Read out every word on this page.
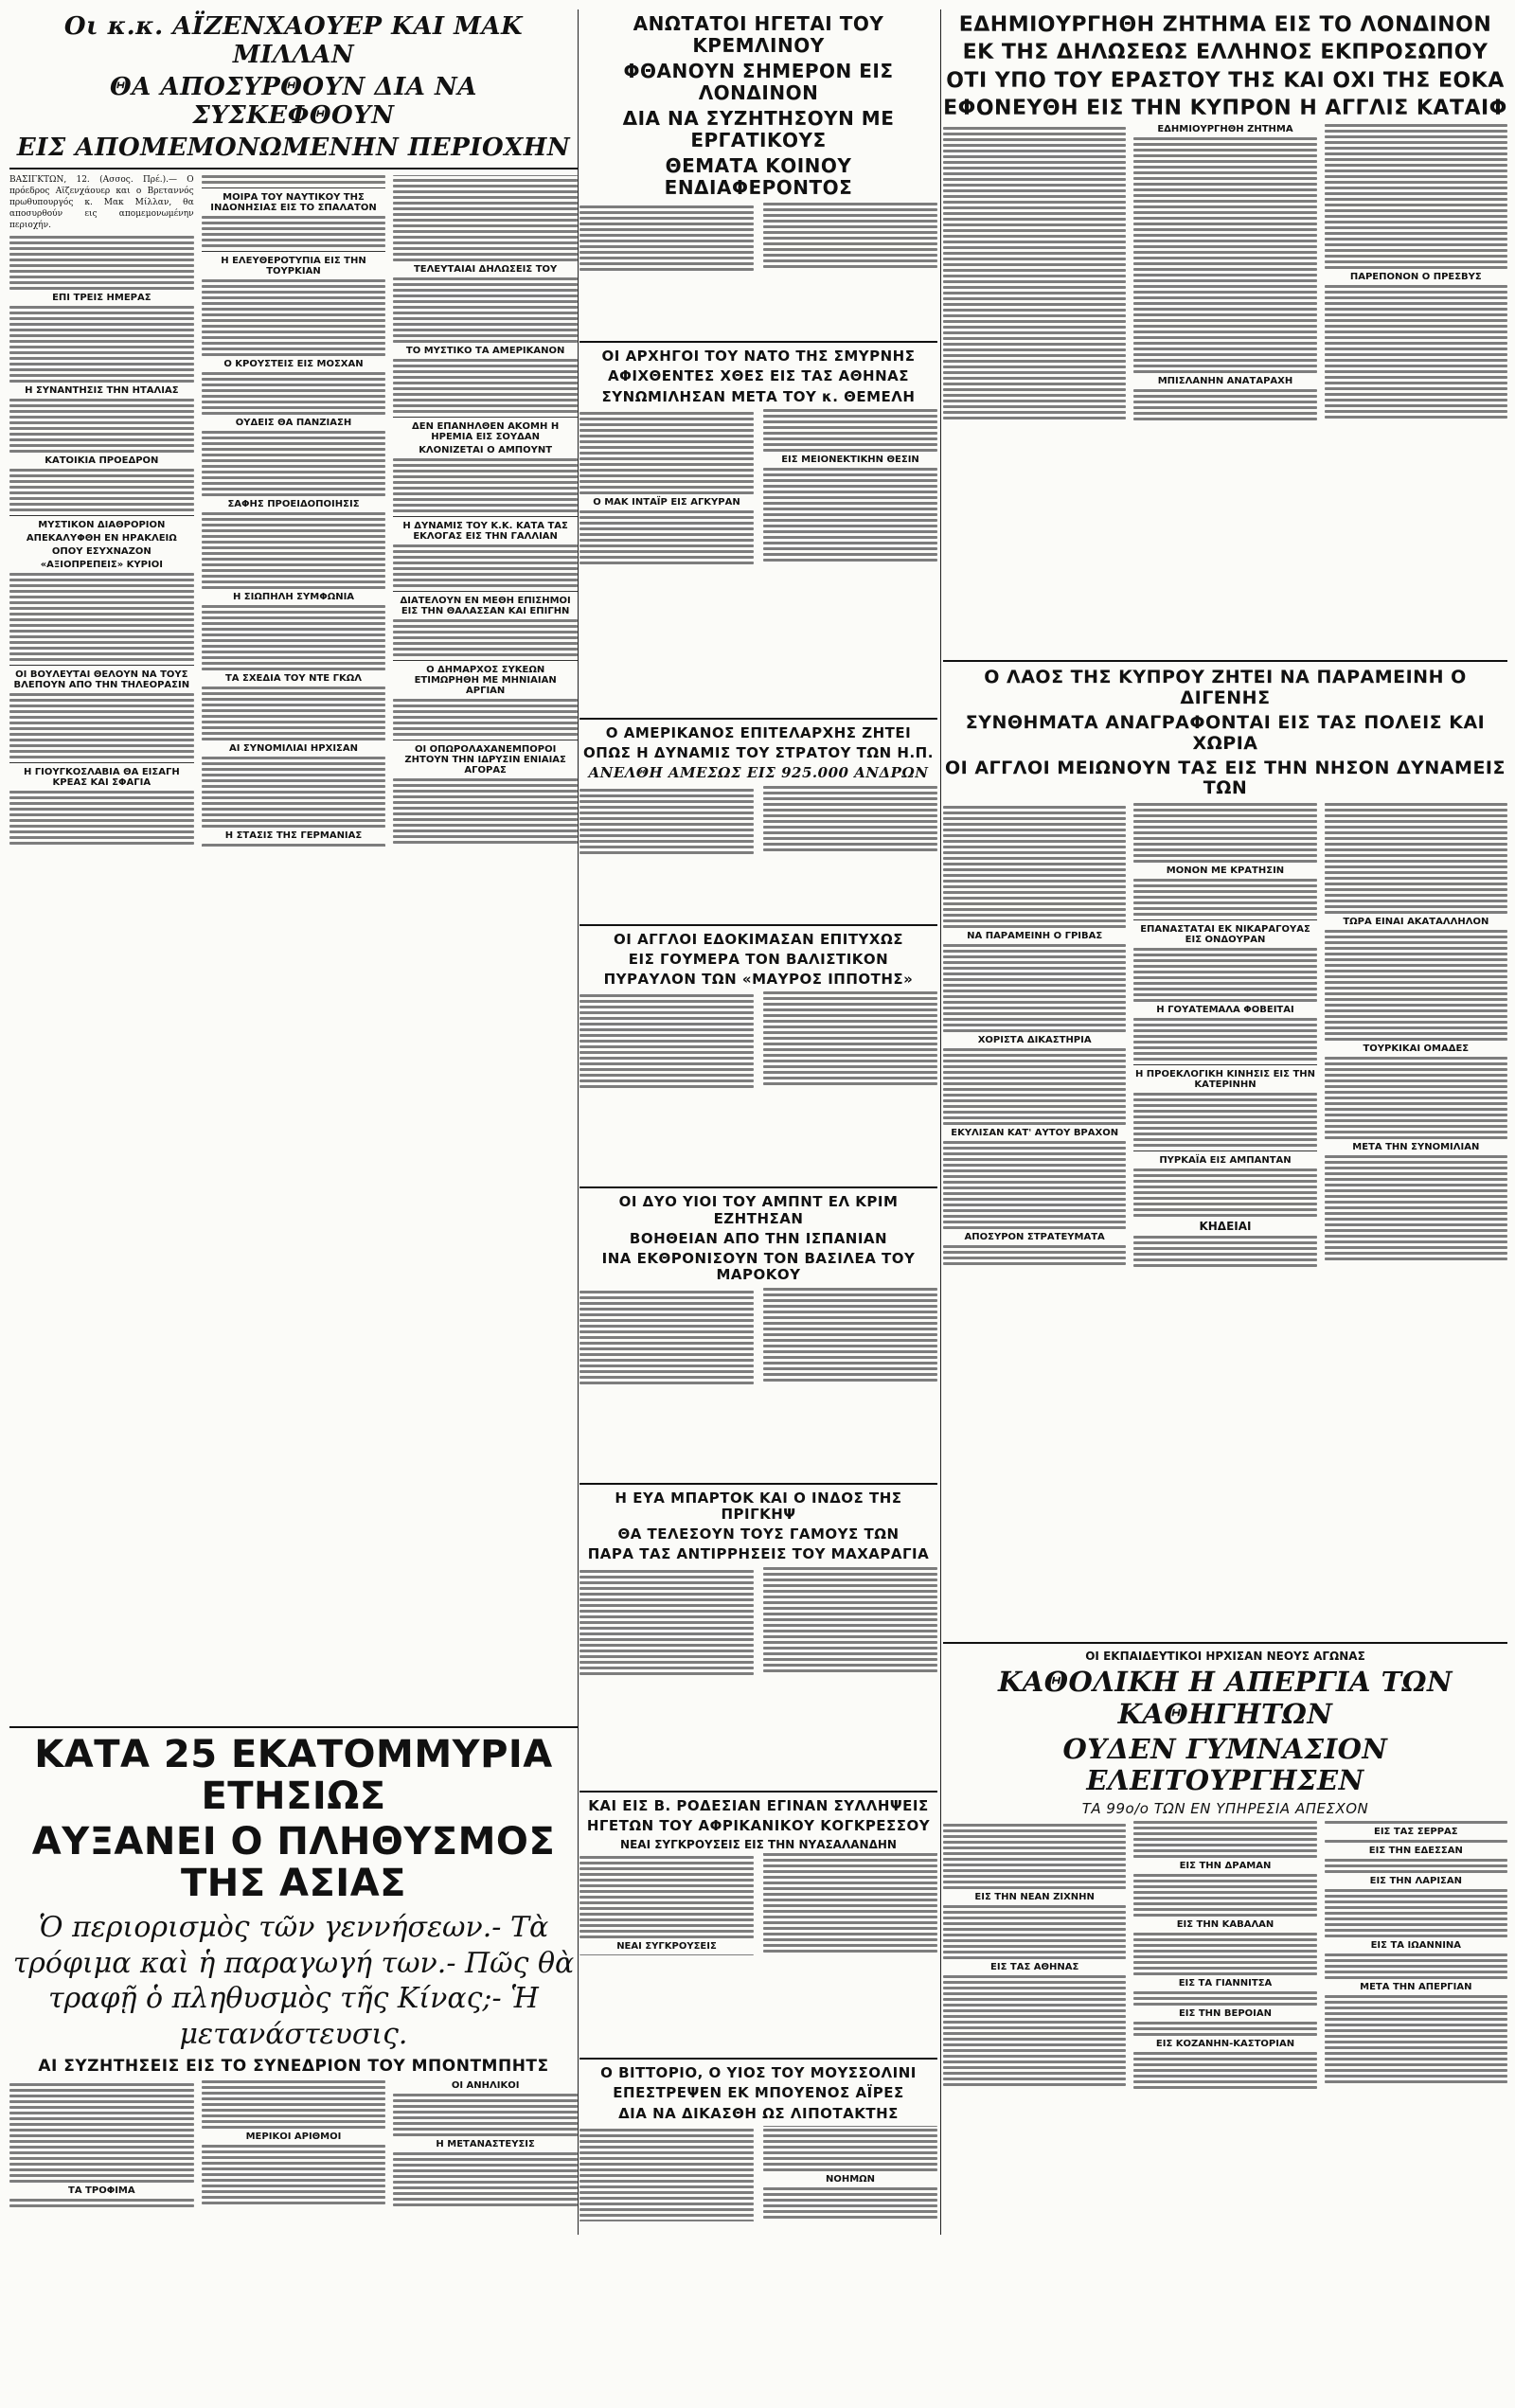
Οι κ.κ. ΑΪΖΕΝΧΑΟΥΕΡ ΚΑΙ ΜΑΚ ΜΙΛΛΑΝ
ΘΑ ΑΠΟΣΥΡΘΟΥΝ ΔΙΑ ΝΑ ΣΥΣΚΕΦΘΟΥΝ
ΕΙΣ ΑΠΟΜΕΜΟΝΩΜΕΝΗΝ ΠΕΡΙΟΧΗΝ

ΒΑΣΙΓΚΤΩΝ, 12. (Ασσος. Πρέ.).— Ο πρόεδρος Αϊζενχάουερ και ο Βρεταννός πρωθυπουργός κ. Μακ Μίλλαν, θα αποσυρθούν εις απομεμονωμένην περιοχήν.

ΕΠΙ ΤΡΕΙΣ ΗΜΕΡΑΣ
Η ΣΥΝΑΝΤΗΣΙΣ ΤΗΝ ΗΤΑΛΙΑΣ
ΚΑΤΟΙΚΙΑ ΠΡΟΕΔΡΟΝ
ΜΥΣΤΙΚΟΝ ΔΙΑΘΡΟΡΙΟΝ
ΑΠΕΚΑΛΥΦΘΗ ΕΝ ΗΡΑΚΛΕΙΩ
ΟΠΟΥ ΕΣΥΧΝΑΖΟΝ
«ΑΞΙΟΠΡΕΠΕΙΣ» ΚΥΡΙΟΙ
ΟΙ ΒΟΥΛΕΥΤΑΙ ΘΕΛΟΥΝ ΝΑ ΤΟΥΣ ΒΛΕΠΟΥΝ ΑΠΟ ΤΗΝ ΤΗΛΕΟΡΑΣΙΝ
Η ΓΙΟΥΓΚΟΣΛΑΒΙΑ ΘΑ ΕΙΣΑΓΗ ΚΡΕΑΣ ΚΑΙ ΣΦΑΓΙΑ
ΜΟΙΡΑ ΤΟΥ ΝΑΥΤΙΚΟΥ ΤΗΣ ΙΝΔΟΝΗΣΙΑΣ ΕΙΣ ΤΟ ΣΠΑΛΑΤΟΝ
Η ΕΛΕΥΘΕΡΟΤΥΠΙΑ ΕΙΣ ΤΗΝ ΤΟΥΡΚΙΑΝ
Ο ΚΡΟΥΣΤΕΙΣ ΕΙΣ ΜΟΣΧΑΝ
ΟΥΔΕΙΣ ΘΑ ΠΑΝΖΙΑΣΗ
ΣΑΦΗΣ ΠΡΟΕΙΔΟΠΟΙΗΣΙΣ
Η ΣΙΩΠΗΛΗ ΣΥΜΦΩΝΙΑ
ΤΑ ΣΧΕΔΙΑ ΤΟΥ ΝΤΕ ΓΚΩΛ
ΑΙ ΣΥΝΟΜΙΛΙΑΙ ΗΡΧΙΣΑΝ
Η ΣΤΑΣΙΣ ΤΗΣ ΓΕΡΜΑΝΙΑΣ
ΤΕΛΕΥΤΑΙΑΙ ΔΗΛΩΣΕΙΣ ΤΟΥ
ΤΟ ΜΥΣΤΙΚΟ ΤΑ ΑΜΕΡΙΚΑΝΟΝ
ΔΕΝ ΕΠΑΝΗΛΘΕΝ ΑΚΟΜΗ Η ΗΡΕΜΙΑ ΕΙΣ ΣΟΥΔΑΝ
ΚΛΟΝΙΖΕΤΑΙ Ο ΑΜΠΟΥΝΤ
Η ΔΥΝΑΜΙΣ ΤΟΥ Κ.Κ. ΚΑΤΑ ΤΑΣ ΕΚΛΟΓΑΣ ΕΙΣ ΤΗΝ ΓΑΛΛΙΑΝ
ΔΙΑΤΕΛΟΥΝ ΕΝ ΜΕΘΗ ΕΠΙΣΗΜΟΙ ΕΙΣ ΤΗΝ ΘΑΛΑΣΣΑΝ ΚΑΙ ΕΠΙΓΗΝ
Ο ΔΗΜΑΡΧΟΣ ΣΥΚΕΩΝ ΕΤΙΜΩΡΗΘΗ ΜΕ ΜΗΝΙΑΙΑΝ ΑΡΓΙΑΝ
ΟΙ ΟΠΩΡΟΛΑΧΑΝΕΜΠΟΡΟΙ ΖΗΤΟΥΝ ΤΗΝ ΙΔΡΥΣΙΝ ΕΝΙΑΙΑΣ ΑΓΟΡΑΣ
ΚΑΤΑ 25 ΕΚΑΤΟΜΜΥΡΙΑ ΕΤΗΣΙΩΣ
ΑΥΞΑΝΕΙ Ο ΠΛΗΘΥΣΜΟΣ ΤΗΣ ΑΣΙΑΣ
Ὁ περιορισμὸς τῶν γεννήσεων.- Τὰ τρόφιμα καὶ ἡ παραγωγή των.- Πῶς θὰ τραφῇ ὁ πληθυσμὸς τῆς Κίνας;- Ἡ μετανάστευσις.
ΑΙ ΣΥΖΗΤΗΣΕΙΣ ΕΙΣ ΤΟ ΣΥΝΕΔΡΙΟΝ ΤΟΥ ΜΠΟΝΤΜΠΗΤΣ
ΤΑ ΤΡΟΦΙΜΑ
ΜΕΡΙΚΟΙ ΑΡΙΘΜΟΙ
ΟΙ ΑΝΗΛΙΚΟΙ
Η ΜΕΤΑΝΑΣΤΕΥΣΙΣ
ΑΝΩΤΑΤΟΙ ΗΓΕΤΑΙ ΤΟΥ ΚΡΕΜΛΙΝΟΥ
ΦΘΑΝΟΥΝ ΣΗΜΕΡΟΝ ΕΙΣ ΛΟΝΔΙΝΟΝ
ΔΙΑ ΝΑ ΣΥΖΗΤΗΣΟΥΝ ΜΕ ΕΡΓΑΤΙΚΟΥΣ
ΘΕΜΑΤΑ ΚΟΙΝΟΥ ΕΝΔΙΑΦΕΡΟΝΤΟΣ
ΟΙ ΑΡΧΗΓΟΙ ΤΟΥ ΝΑΤΟ ΤΗΣ ΣΜΥΡΝΗΣ
ΑΦΙΧΘΕΝΤΕΣ ΧΘΕΣ ΕΙΣ ΤΑΣ ΑΘΗΝΑΣ
ΣΥΝΩΜΙΛΗΣΑΝ ΜΕΤΑ ΤΟΥ κ. ΘΕΜΕΛΗ
Ο ΜΑΚ ΙΝΤΑΪΡ ΕΙΣ ΑΓΚΥΡΑΝ
ΕΙΣ ΜΕΙΟΝΕΚΤΙΚΗΝ ΘΕΣΙΝ
Ο ΑΜΕΡΙΚΑΝΟΣ ΕΠΙΤΕΛΑΡΧΗΣ ΖΗΤΕΙ
ΟΠΩΣ Η ΔΥΝΑΜΙΣ ΤΟΥ ΣΤΡΑΤΟΥ ΤΩΝ Η.Π.
ΑΝΕΛΘΗ ΑΜΕΣΩΣ ΕΙΣ 925.000 ΑΝΔΡΩΝ
ΟΙ ΑΓΓΛΟΙ ΕΔΟΚΙΜΑΣΑΝ ΕΠΙΤΥΧΩΣ
ΕΙΣ ΓΟΥΜΕΡΑ ΤΟΝ ΒΑΛΙΣΤΙΚΟΝ
ΠΥΡΑΥΛΟΝ ΤΩΝ «ΜΑΥΡΟΣ ΙΠΠΟΤΗΣ»
ΟΙ ΔΥΟ ΥΙΟΙ ΤΟΥ ΑΜΠΝΤ ΕΛ ΚΡΙΜ ΕΖΗΤΗΣΑΝ
ΒΟΗΘΕΙΑΝ ΑΠΟ ΤΗΝ ΙΣΠΑΝΙΑΝ
ΙΝΑ ΕΚΘΡΟΝΙΣΟΥΝ ΤΟΝ ΒΑΣΙΛΕΑ ΤΟΥ ΜΑΡΟΚΟΥ
Η ΕΥΑ ΜΠΑΡΤΟΚ ΚΑΙ Ο ΙΝΔΟΣ ΤΗΣ ΠΡΙΓΚΗΨ
ΘΑ ΤΕΛΕΣΟΥΝ ΤΟΥΣ ΓΑΜΟΥΣ ΤΩΝ
ΠΑΡΑ ΤΑΣ ΑΝΤΙΡΡΗΣΕΙΣ ΤΟΥ ΜΑΧΑΡΑΓΙΑ
ΚΑΙ ΕΙΣ Β. ΡΟΔΕΣΙΑΝ ΕΓΙΝΑΝ ΣΥΛΛΗΨΕΙΣ
ΗΓΕΤΩΝ ΤΟΥ ΑΦΡΙΚΑΝΙΚΟΥ ΚΟΓΚΡΕΣΣΟΥ
ΝΕΑΙ ΣΥΓΚΡΟΥΣΕΙΣ ΕΙΣ ΤΗΝ ΝΥΑΣΑΛΑΝΔΗΝ
ΝΕΑΙ ΣΥΓΚΡΟΥΣΕΙΣ
Ο ΒΙΤΤΟΡΙΟ, Ο ΥΙΟΣ ΤΟΥ ΜΟΥΣΣΟΛΙΝΙ
ΕΠΕΣΤΡΕΨΕΝ ΕΚ ΜΠΟΥΕΝΟΣ ΑΪΡΕΣ
ΔΙΑ ΝΑ ΔΙΚΑΣΘΗ ΩΣ ΛΙΠΟΤΑΚΤΗΣ
ΝΟΗΜΩΝ
ΕΔΗΜΙΟΥΡΓΗΘΗ ΖΗΤΗΜΑ ΕΙΣ ΤΟ ΛΟΝΔΙΝΟΝ
ΕΚ ΤΗΣ ΔΗΛΩΣΕΩΣ ΕΛΛΗΝΟΣ ΕΚΠΡΟΣΩΠΟΥ
ΟΤΙ ΥΠΟ ΤΟΥ ΕΡΑΣΤΟΥ ΤΗΣ ΚΑΙ ΟΧΙ ΤΗΣ ΕΟΚΑ
ΕΦΟΝΕΥΘΗ ΕΙΣ ΤΗΝ ΚΥΠΡΟΝ Η ΑΓΓΛΙΣ ΚΑΤΑΙΦ
ΕΔΗΜΙΟΥΡΓΗΘΗ ΖΗΤΗΜΑ
ΜΠΙΣΛΑΝΗΝ ΑΝΑΤΑΡΑΧΗ
ΠΑΡΕΠΟΝΟΝ Ο ΠΡΕΣΒΥΣ
Ο ΛΑΟΣ ΤΗΣ ΚΥΠΡΟΥ ΖΗΤΕΙ ΝΑ ΠΑΡΑΜΕΙΝΗ Ο ΔΙΓΕΝΗΣ
ΣΥΝΘΗΜΑΤΑ ΑΝΑΓΡΑΦΟΝΤΑΙ ΕΙΣ ΤΑΣ ΠΟΛΕΙΣ ΚΑΙ ΧΩΡΙΑ
ΟΙ ΑΓΓΛΟΙ ΜΕΙΩΝΟΥΝ ΤΑΣ ΕΙΣ ΤΗΝ ΝΗΣΟΝ ΔΥΝΑΜΕΙΣ ΤΩΝ
ΝΑ ΠΑΡΑΜΕΙΝΗ Ο ΓΡΙΒΑΣ
ΧΟΡΙΣΤΑ ΔΙΚΑΣΤΗΡΙΑ
ΕΚΥΛΙΣΑΝ ΚΑΤ' ΑΥΤΟΥ ΒΡΑΧΟΝ
ΑΠΟΣΥΡΟΝ ΣΤΡΑΤΕΥΜΑΤΑ
ΜΟΝΟΝ ΜΕ ΚΡΑΤΗΣΙΝ
ΕΠΑΝΑΣΤΑΤΑΙ ΕΚ ΝΙΚΑΡΑΓΟΥΑΣ ΕΙΣ ΟΝΔΟΥΡΑΝ
Η ΓΟΥΑΤΕΜΑΛΑ ΦΟΒΕΙΤΑΙ
Η ΠΡΟΕΚΛΟΓΙΚΗ ΚΙΝΗΣΙΣ ΕΙΣ ΤΗΝ ΚΑΤΕΡΙΝΗΝ
ΠΥΡΚΑΪΑ ΕΙΣ ΑΜΠΑΝΤΑΝ
ΚΗΔΕΙΑΙ
ΤΩΡΑ ΕΙΝΑΙ ΑΚΑΤΑΛΛΗΛΟΝ
ΤΟΥΡΚΙΚΑΙ ΟΜΑΔΕΣ
ΜΕΤΑ ΤΗΝ ΣΥΝΟΜΙΛΙΑΝ
ΟΙ ΕΚΠΑΙΔΕΥΤΙΚΟΙ ΗΡΧΙΣΑΝ ΝΕΟΥΣ ΑΓΩΝΑΣ
ΚΑΘΟΛΙΚΗ Η ΑΠΕΡΓΙΑ ΤΩΝ ΚΑΘΗΓΗΤΩΝ
ΟΥΔΕΝ ΓΥΜΝΑΣΙΟΝ ΕΛΕΙΤΟΥΡΓΗΣΕΝ
ΤΑ 99o/o ΤΩΝ ΕΝ ΥΠΗΡΕΣΙΑ ΑΠΕΣΧΟΝ
ΕΙΣ ΤΗΝ ΝΕΑΝ ΖΙΧΝΗΝ
ΕΙΣ ΤΑΣ ΑΘΗΝΑΣ
ΕΙΣ ΤΗΝ ΔΡΑΜΑΝ
ΕΙΣ ΤΗΝ ΚΑΒΑΛΑΝ
ΕΙΣ ΤΑ ΓΙΑΝΝΙΤΣΑ
ΕΙΣ ΤΗΝ ΒΕΡΟΙΑΝ
ΕΙΣ ΚΟΖΑΝΗΝ-ΚΑΣΤΟΡΙΑΝ
ΕΙΣ ΤΑΣ ΣΕΡΡΑΣ
ΕΙΣ ΤΗΝ ΕΔΕΣΣΑΝ
ΕΙΣ ΤΗΝ ΛΑΡΙΣΑΝ
ΕΙΣ ΤΑ ΙΩΑΝΝΙΝΑ
ΜΕΤΑ ΤΗΝ ΑΠΕΡΓΙΑΝ
